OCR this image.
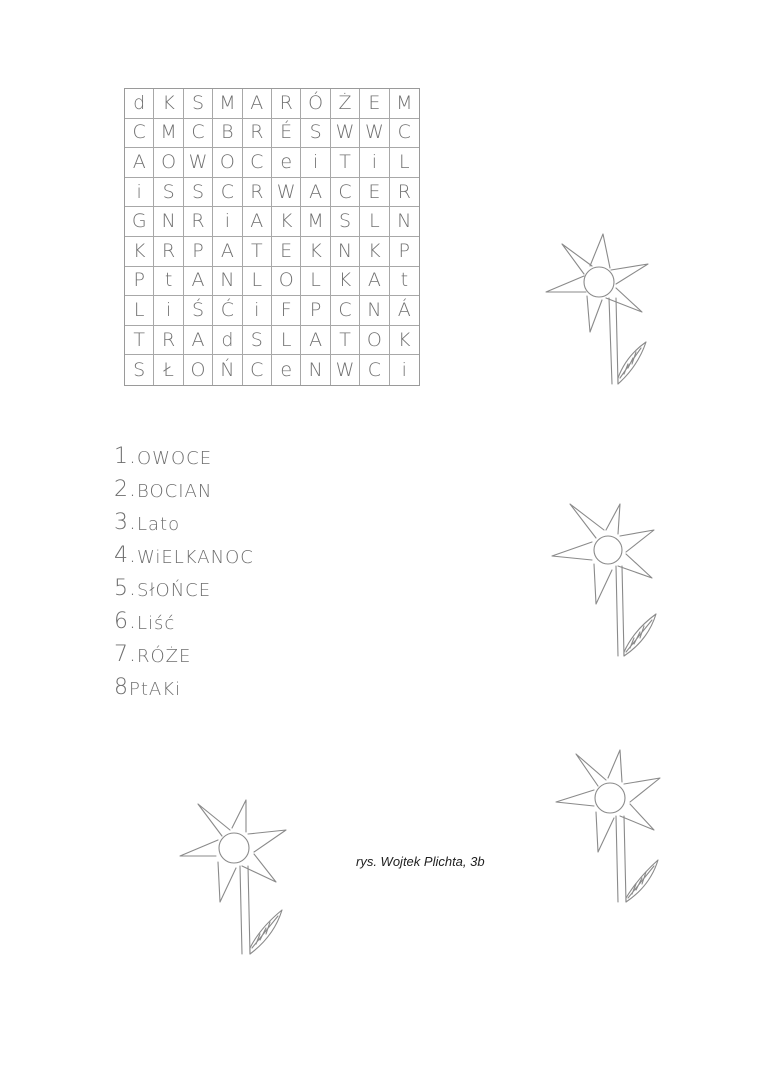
d K S M A R Ó Ż E M
C M C B R É S W W C
A O W O C e	i	T	i	L
i	S S C R W A C E R
G N R	i	A K M S L N
K R P A T E K N K P
P	t	A N L O L K A	t
L	i	Ś Ć	i	F P C N Á
T R A d S L A T O K
S Ł O Ń C e N W C	i
1. OWOCE
2. BOCIAN
3. Lato
4. WiELKANOC
5. SłOŃCE
6. Liść
7. RÓŻE
8 PtAKi
rys. Wojtek Plichta, 3b
